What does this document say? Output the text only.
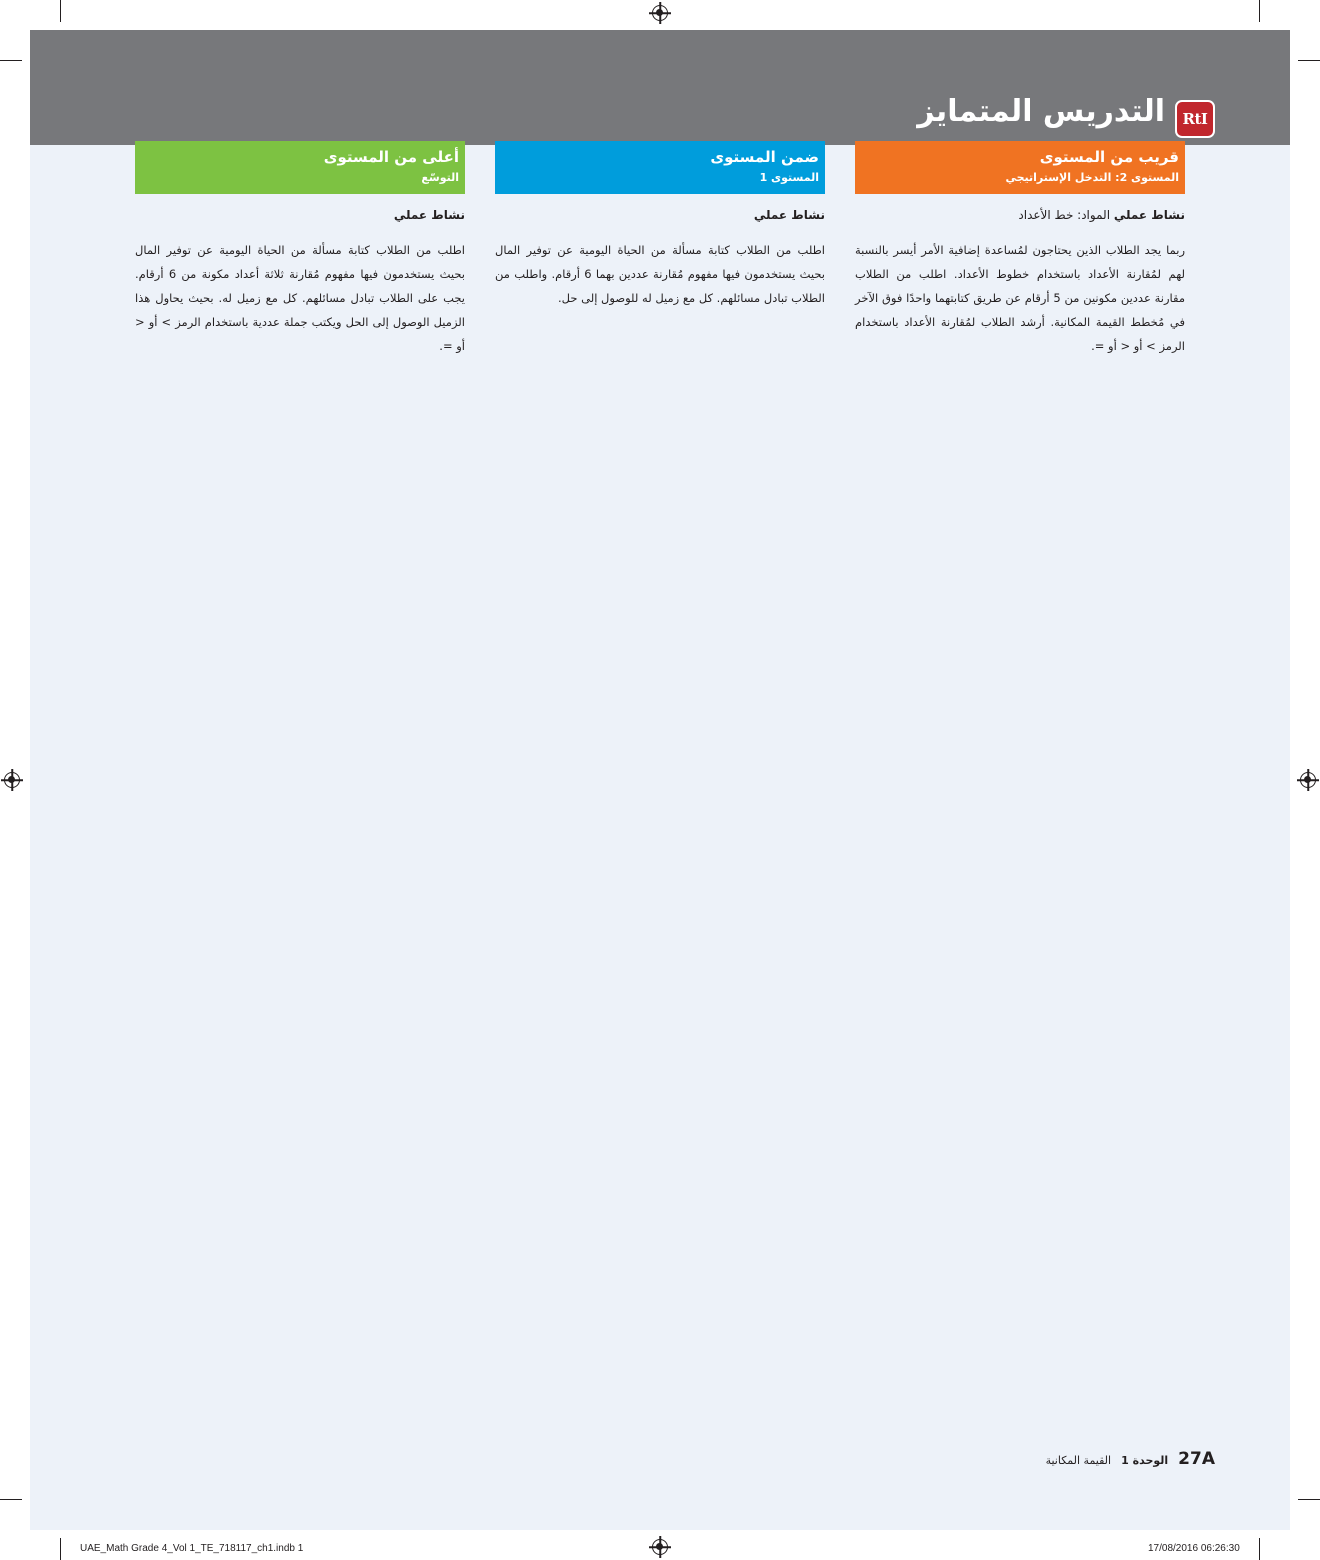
التدريس المتمايز	RtI
قريب من المستوى
المستوى 2: التدخل الإستراتيجي
نشاط عملي المواد: خط الأعداد
ربما يجد الطلاب الذين يحتاجون لمُساعدة إضافية الأمر أيسر بالنسبة لهم لمُقارنة الأعداد باستخدام خطوط الأعداد. اطلب من الطلاب مقارنة عددين مكونين من 5 أرقام عن طريق كتابتهما واحدًا فوق الآخر في مُخطط القيمة المكانية. أرشد الطلاب لمُقارنة الأعداد باستخدام الرمز > أو < أو =.
ضمن المستوى
المستوى 1
نشاط عملي
اطلب من الطلاب كتابة مسألة من الحياة اليومية عن توفير المال بحيث يستخدمون فيها مفهوم مُقارنة عددين بهما 6 أرقام. واطلب من الطلاب تبادل مسائلهم. كل مع زميل له للوصول إلى حل.
أعلى من المستوى
التوسّع
نشاط عملي
اطلب من الطلاب كتابة مسألة من الحياة اليومية عن توفير المال بحيث يستخدمون فيها مفهوم مُقارنة ثلاثة أعداد مكونة من 6 أرقام. يجب على الطلاب تبادل مسائلهم. كل مع زميل له. بحيث يحاول هذا الزميل الوصول إلى الحل ويكتب جملة عددية باستخدام الرمز > أو < أو =.
27A
الوحدة 1
القيمة المكانية
UAE_Math Grade 4_Vol 1_TE_718117_ch1.indb 1	17/08/2016 06:26:30
